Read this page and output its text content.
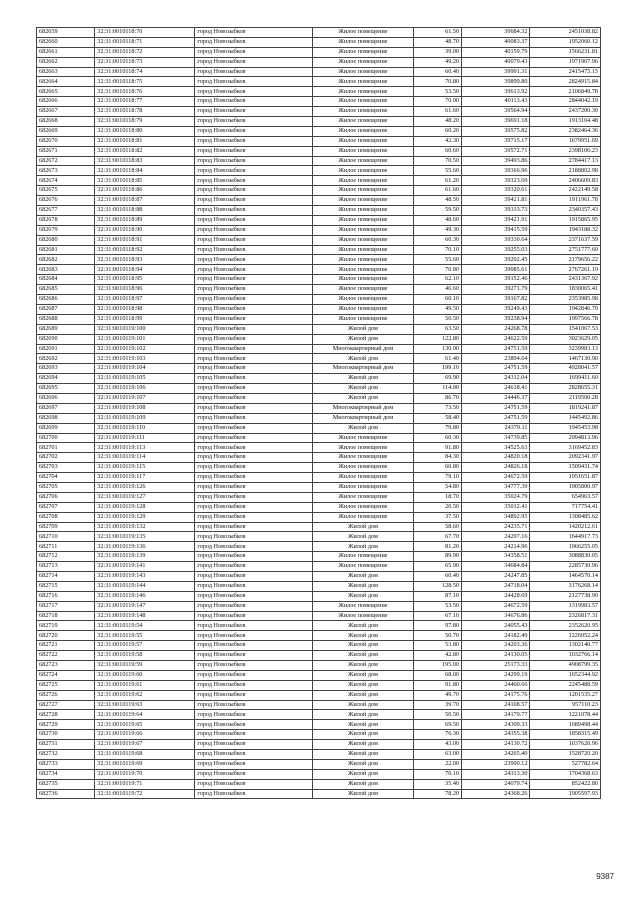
682659	32:31:0010118:70	город Новозыбков	Жилое помещение	61.50	39684.32	2451038.82
682660	32:31:0010118:71	город Новозыбков	Жилое помещение	48.70	40083.37	1952060.12
682661	32:31:0010118:72	город Новозыбков	Жилое помещение	39.00	40159.79	1566231.81
682662	32:31:0010118:73	город Новозыбков	Жилое помещение	49.20	40079.43	1971907.96
682663	32:31:0010118:74	город Новозыбков	Жилое помещение	60.40	39991.31	2415475.15
682664	32:31:0010118:75	город Новозыбков	Жилое помещение	70.80	39899.80	2824915.84
682665	32:31:0010118:76	город Новозыбков	Жилое помещение	53.50	39613.92	2106849.78
682666	32:31:0010118:77	город Новозыбков	Жилое помещение	70.90	40113.43	2844042.19
682667	32:31:0010118:78	город Новозыбков	Жилое помещение	61.60	39564.94	2437200.30
682668	32:31:0010118:79	город Новозыбков	Жилое помещение	48.20	39691.18	1913104.48
682669	32:31:0010118:80	город Новозыбков	Жилое помещение	60.20	39575.82	2382464.36
682670	32:31:0010118:81	город Новозыбков	Жилое помещение	42.30	39715.17	1679951.69
682671	32:31:0010118:82	город Новозыбков	Жилое помещение	60.60	39572.71	2398106.23
682672	32:31:0010118:83	город Новозыбков	Жилое помещение	70.50	39493.86	2784417.13
682673	32:31:0010118:84	город Новозыбков	Жилое помещение	55.60	39366.96	2188802.98
682674	32:31:0010118:85	город Новозыбков	Жилое помещение	61.20	39323.69	2406609.83
682675	32:31:0010118:86	город Новозыбков	Жилое помещение	61.60	39320.61	2422149.58
682676	32:31:0010118:87	город Новозыбков	Жилое помещение	48.50	39421.81	1911961.78
682677	32:31:0010118:88	город Новозыбков	Жилое помещение	59.50	39333.73	2340357.43
682678	32:31:0010118:89	город Новозыбков	Жилое помещение	48.60	39421.91	1915865.95
682679	32:31:0010118:90	город Новозыбков	Жилое помещение	49.30	39415.59	1943188.32
682680	32:31:0010118:91	город Новозыбков	Жилое помещение	60.30	39330.64	2371637.59
682681	32:31:0010118:92	город Новозыбков	Жилое помещение	70.10	39255.03	2751777.60
682682	32:31:0010118:93	город Новозыбков	Жилое помещение	55.60	39202.45	2179656.22
682683	32:31:0010118:94	город Новозыбков	Жилое помещение	70.80	39085.61	2767261.19
682684	32:31:0010118:95	город Новозыбков	Жилое помещение	62.10	39152.46	2431367.92
682685	32:31:0010118:96	город Новозыбков	Жилое помещение	46.60	39271.79	1830065.41
682686	32:31:0010118:97	город Новозыбков	Жилое помещение	60.10	39167.82	2353985.98
682687	32:31:0010118:98	город Новозыбков	Жилое помещение	49.50	39249.43	1942846.79
682688	32:31:0010118:99	город Новозыбков	Жилое помещение	50.50	39238.94	1997566.78
682689	32:31:0010119:100	город Новозыбков	Жилой дом	63.50	24268.78	1541067.53
682690	32:31:0010119:101	город Новозыбков	Жилой дом	122.80	24622.59	3023629.05
682691	32:31:0010119:102	город Новозыбков	Многоквартирный дом	130.90	24751.59	3239983.13
682692	32:31:0010119:103	город Новозыбков	Жилой дом	61.40	23894.64	1467130.90
682693	32:31:0010119:104	город Новозыбков	Многоквартирный дом	199.10	24751.59	4928041.57
682694	32:31:0010119:105	город Новозыбков	Жилой дом	69.90	24312.04	1699411.60
682695	32:31:0010119:106	город Новозыбков	Жилой дом	114.90	24618.41	2828655.31
682696	32:31:0010119:107	город Новозыбков	Жилой дом	86.70	24446.37	2119500.28
682697	32:31:0010119:108	город Новозыбков	Многоквартирный дом	73.50	24751.59	1819241.87
682698	32:31:0010119:109	город Новозыбков	Многоквартирный дом	58.40	24751.59	1445492.86
682699	32:31:0010119:110	город Новозыбков	Жилой дом	79.80	24379.11	1945453.98
682700	32:31:0010119:111	город Новозыбков	Жилое помещение	60.30	34739.85	2094813.96
682701	32:31:0010119:113	город Новозыбков	Жилое помещение	91.80	34525.63	3169452.83
682702	32:31:0010119:114	город Новозыбков	Жилое помещение	84.30	24820.18	2092341.97
682703	32:31:0010119:115	город Новозыбков	Жилое помещение	60.80	24826.18	1509431.74
682704	32:31:0010119:117	город Новозыбков	Жилое помещение	79.10	24672.59	1951651.87
682705	32:31:0010119:126	город Новозыбков	Жилое помещение	54.80	34777.39	1905800.97
682706	32:31:0010119:127	город Новозыбков	Жилое помещение	18.70	35024.79	654963.57
682707	32:31:0010119:128	город Новозыбков	Жилое помещение	20.50	35012.41	717754.41
682708	32:31:0010119:129	город Новозыбков	Жилое помещение	37.50	34892.95	1308485.62
682709	32:31:0010119:132	город Новозыбков	Жилой дом	58.60	24235.71	1420212.61
682710	32:31:0010119:135	город Новозыбков	Жилой дом	67.70	24297.16	1644917.73
682711	32:31:0010119:136	город Новозыбков	Жилой дом	81.20	24214.96	1966255.05
682712	32:31:0010119:139	город Новозыбков	Жилое помещение	89.90	34358.51	3088830.05
682713	32:31:0010119:141	город Новозыбков	Жилое помещение	65.90	34684.84	2285730.96
682714	32:31:0010119:143	город Новозыбков	Жилой дом	60.40	24247.85	1464570.14
682715	32:31:0010119:144	город Новозыбков	Жилой дом	128.50	24718.04	3176268.14
682716	32:31:0010119:146	город Новозыбков	Жилой дом	87.10	24428.69	2127738.90
682717	32:31:0010119:147	город Новозыбков	Жилое помещение	53.50	24672.59	1319983.57
682718	32:31:0010119:148	город Новозыбков	Жилое помещение	67.10	34676.86	2326817.31
682719	32:31:0010119:54	город Новозыбков	Жилой дом	97.80	24055.43	2352620.95
682720	32:31:0010119:55	город Новозыбков	Жилой дом	50.70	24182.49	1226052.24
682721	32:31:0010119:57	город Новозыбков	Жилой дом	53.80	24203.36	1302140.77
682722	32:31:0010119:58	город Новозыбков	Жилой дом	42.80	24130.05	1032766.14
682723	32:31:0010119:59	город Новозыбков	Жилой дом	195.00	25173.33	4908799.35
682724	32:31:0010119:60	город Новозыбков	Жилой дом	68.00	24299.19	1652344.92
682725	32:31:0010119:61	город Новозыбков	Жилой дом	91.80	24460.66	2245488.59
682726	32:31:0010119:62	город Новозыбков	Жилой дом	49.70	24175.76	1201535.27
682727	32:31:0010119:63	город Новозыбков	Жилой дом	39.70	24108.57	957110.23
682728	32:31:0010119:64	город Новозыбков	Жилой дом	50.50	24179.77	1221078.44
682729	32:31:0010119:65	город Новозыбков	Жилой дом	69.50	24309.33	1689498.44
682730	32:31:0010119:66	город Новозыбков	Жилой дом	76.30	24355.38	1858315.49
682731	32:31:0010119:67	город Новозыбков	Жилой дом	43.00	24130.72	1037620.96
682732	32:31:0010119:68	город Новозыбков	Жилой дом	63.00	24265.40	1528720.20
682733	32:31:0010119:69	город Новозыбков	Жилой дом	22.00	23990.12	527782.64
682734	32:31:0010119:70	город Новозыбков	Жилой дом	70.10	24313.30	1704368.63
682735	32:31:0010119:71	город Новозыбков	Жилой дом	35.40	24079.74	852422.80
682736	32:31:0010119:72	город Новозыбков	Жилой дом	78.20	24368.26	1905597.93
9387
